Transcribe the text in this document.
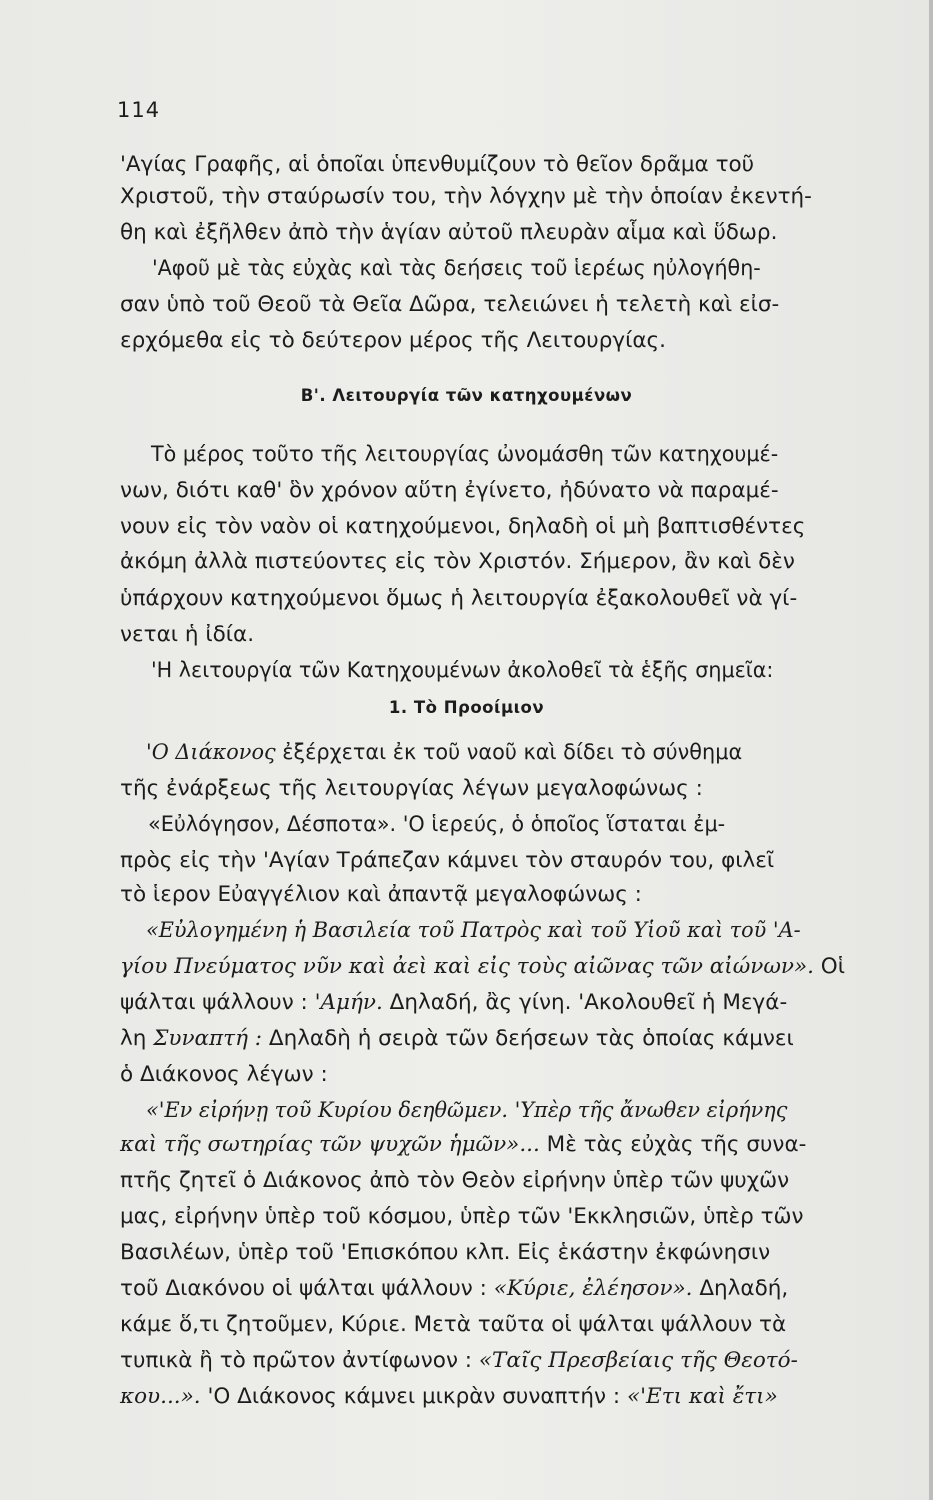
114
'Αγίας Γραφῆς, αἱ ὁποῖαι ὑπενθυμίζουν τὸ θεῖον δρᾶμα τοῦ
Χριστοῦ, τὴν σταύρωσίν του, τὴν λόγχην μὲ τὴν ὁποίαν ἐκεντή-
θη καὶ ἐξῆλθεν ἀπὸ τὴν ἁγίαν αὐτοῦ πλευρὰν αἷμα καὶ ὕδωρ.
'Αφοῦ μὲ τὰς εὐχὰς καὶ τὰς δεήσεις τοῦ ἱερέως ηὐλογήθη-
σαν ὑπὸ τοῦ Θεοῦ τὰ Θεῖα Δῶρα, τελειώνει ἡ τελετὴ καὶ εἰσ-
ερχόμεθα εἰς τὸ δεύτερον μέρος τῆς Λειτουργίας.
Β'. Λειτουργία τῶν κατηχουμένων
Τὸ μέρος τοῦτο τῆς λειτουργίας ὠνομάσθη τῶν κατηχουμέ-
νων, διότι καθ' ὃν χρόνον αὕτη ἐγίνετο, ἠδύνατο νὰ παραμέ-
νουν εἰς τὸν ναὸν οἱ κατηχούμενοι, δηλαδὴ οἱ μὴ βαπτισθέντες
ἀκόμη ἀλλὰ πιστεύοντες εἰς τὸν Χριστόν. Σήμερον, ἂν καὶ δὲν
ὑπάρχουν κατηχούμενοι ὅμως ἡ λειτουργία ἐξακολουθεῖ νὰ γί-
νεται ἡ ἰδία.
'Η λειτουργία τῶν Κατηχουμένων ἀκολοθεῖ τὰ ἑξῆς σημεῖα:
1. Τὸ Προοίμιον
'Ο Διάκονος ἐξέρχεται ἐκ τοῦ ναοῦ καὶ δίδει τὸ σύνθημα
τῆς ἐνάρξεως τῆς λειτουργίας λέγων μεγαλοφώνως :
«Εὐλόγησον, Δέσποτα». 'Ο ἱερεύς, ὁ ὁποῖος ἵσταται ἐμ-
πρὸς εἰς τὴν 'Αγίαν Τράπεζαν κάμνει τὸν σταυρόν του, φιλεῖ
τὸ ἱερον Εὐαγγέλιον καὶ ἀπαντᾷ μεγαλοφώνως :
«Εὐλογημένη ἡ Βασιλεία τοῦ Πατρὸς καὶ τοῦ Υἱοῦ καὶ τοῦ 'Α-
γίου Πνεύματος νῦν καὶ ἀεὶ καὶ εἰς τοὺς αἰῶνας τῶν αἰώνων». Οἱ
ψάλται ψάλλουν : 'Αμήν. Δηλαδή, ἂς γίνη. 'Ακολουθεῖ ἡ Μεγά-
λη Συναπτή : Δηλαδὴ ἡ σειρὰ τῶν δεήσεων τὰς ὁποίας κάμνει
ὁ Διάκονος λέγων :
«'Εν εἰρήνῃ τοῦ Κυρίου δεηθῶμεν. 'Υπὲρ τῆς ἄνωθεν εἰρήνης
καὶ τῆς σωτηρίας τῶν ψυχῶν ἡμῶν»... Μὲ τὰς εὐχὰς τῆς συνα-
πτῆς ζητεῖ ὁ Διάκονος ἀπὸ τὸν Θεὸν εἰρήνην ὑπὲρ τῶν ψυχῶν
μας, εἰρήνην ὑπὲρ τοῦ κόσμου, ὑπὲρ τῶν 'Εκκλησιῶν, ὑπὲρ τῶν
Βασιλέων, ὑπὲρ τοῦ 'Επισκόπου κλπ. Εἰς ἑκάστην ἐκφώνησιν
τοῦ Διακόνου οἱ ψάλται ψάλλουν : «Κύριε, ἐλέησον». Δηλαδή,
κάμε ὅ,τι ζητοῦμεν, Κύριε. Μετὰ ταῦτα οἱ ψάλται ψάλλουν τὰ
τυπικὰ ἢ τὸ πρῶτον ἀντίφωνον : «Ταῖς Πρεσβείαις τῆς Θεοτό-
κου...». 'Ο Διάκονος κάμνει μικρὰν συναπτήν : «'Ετι καὶ ἔτι»
